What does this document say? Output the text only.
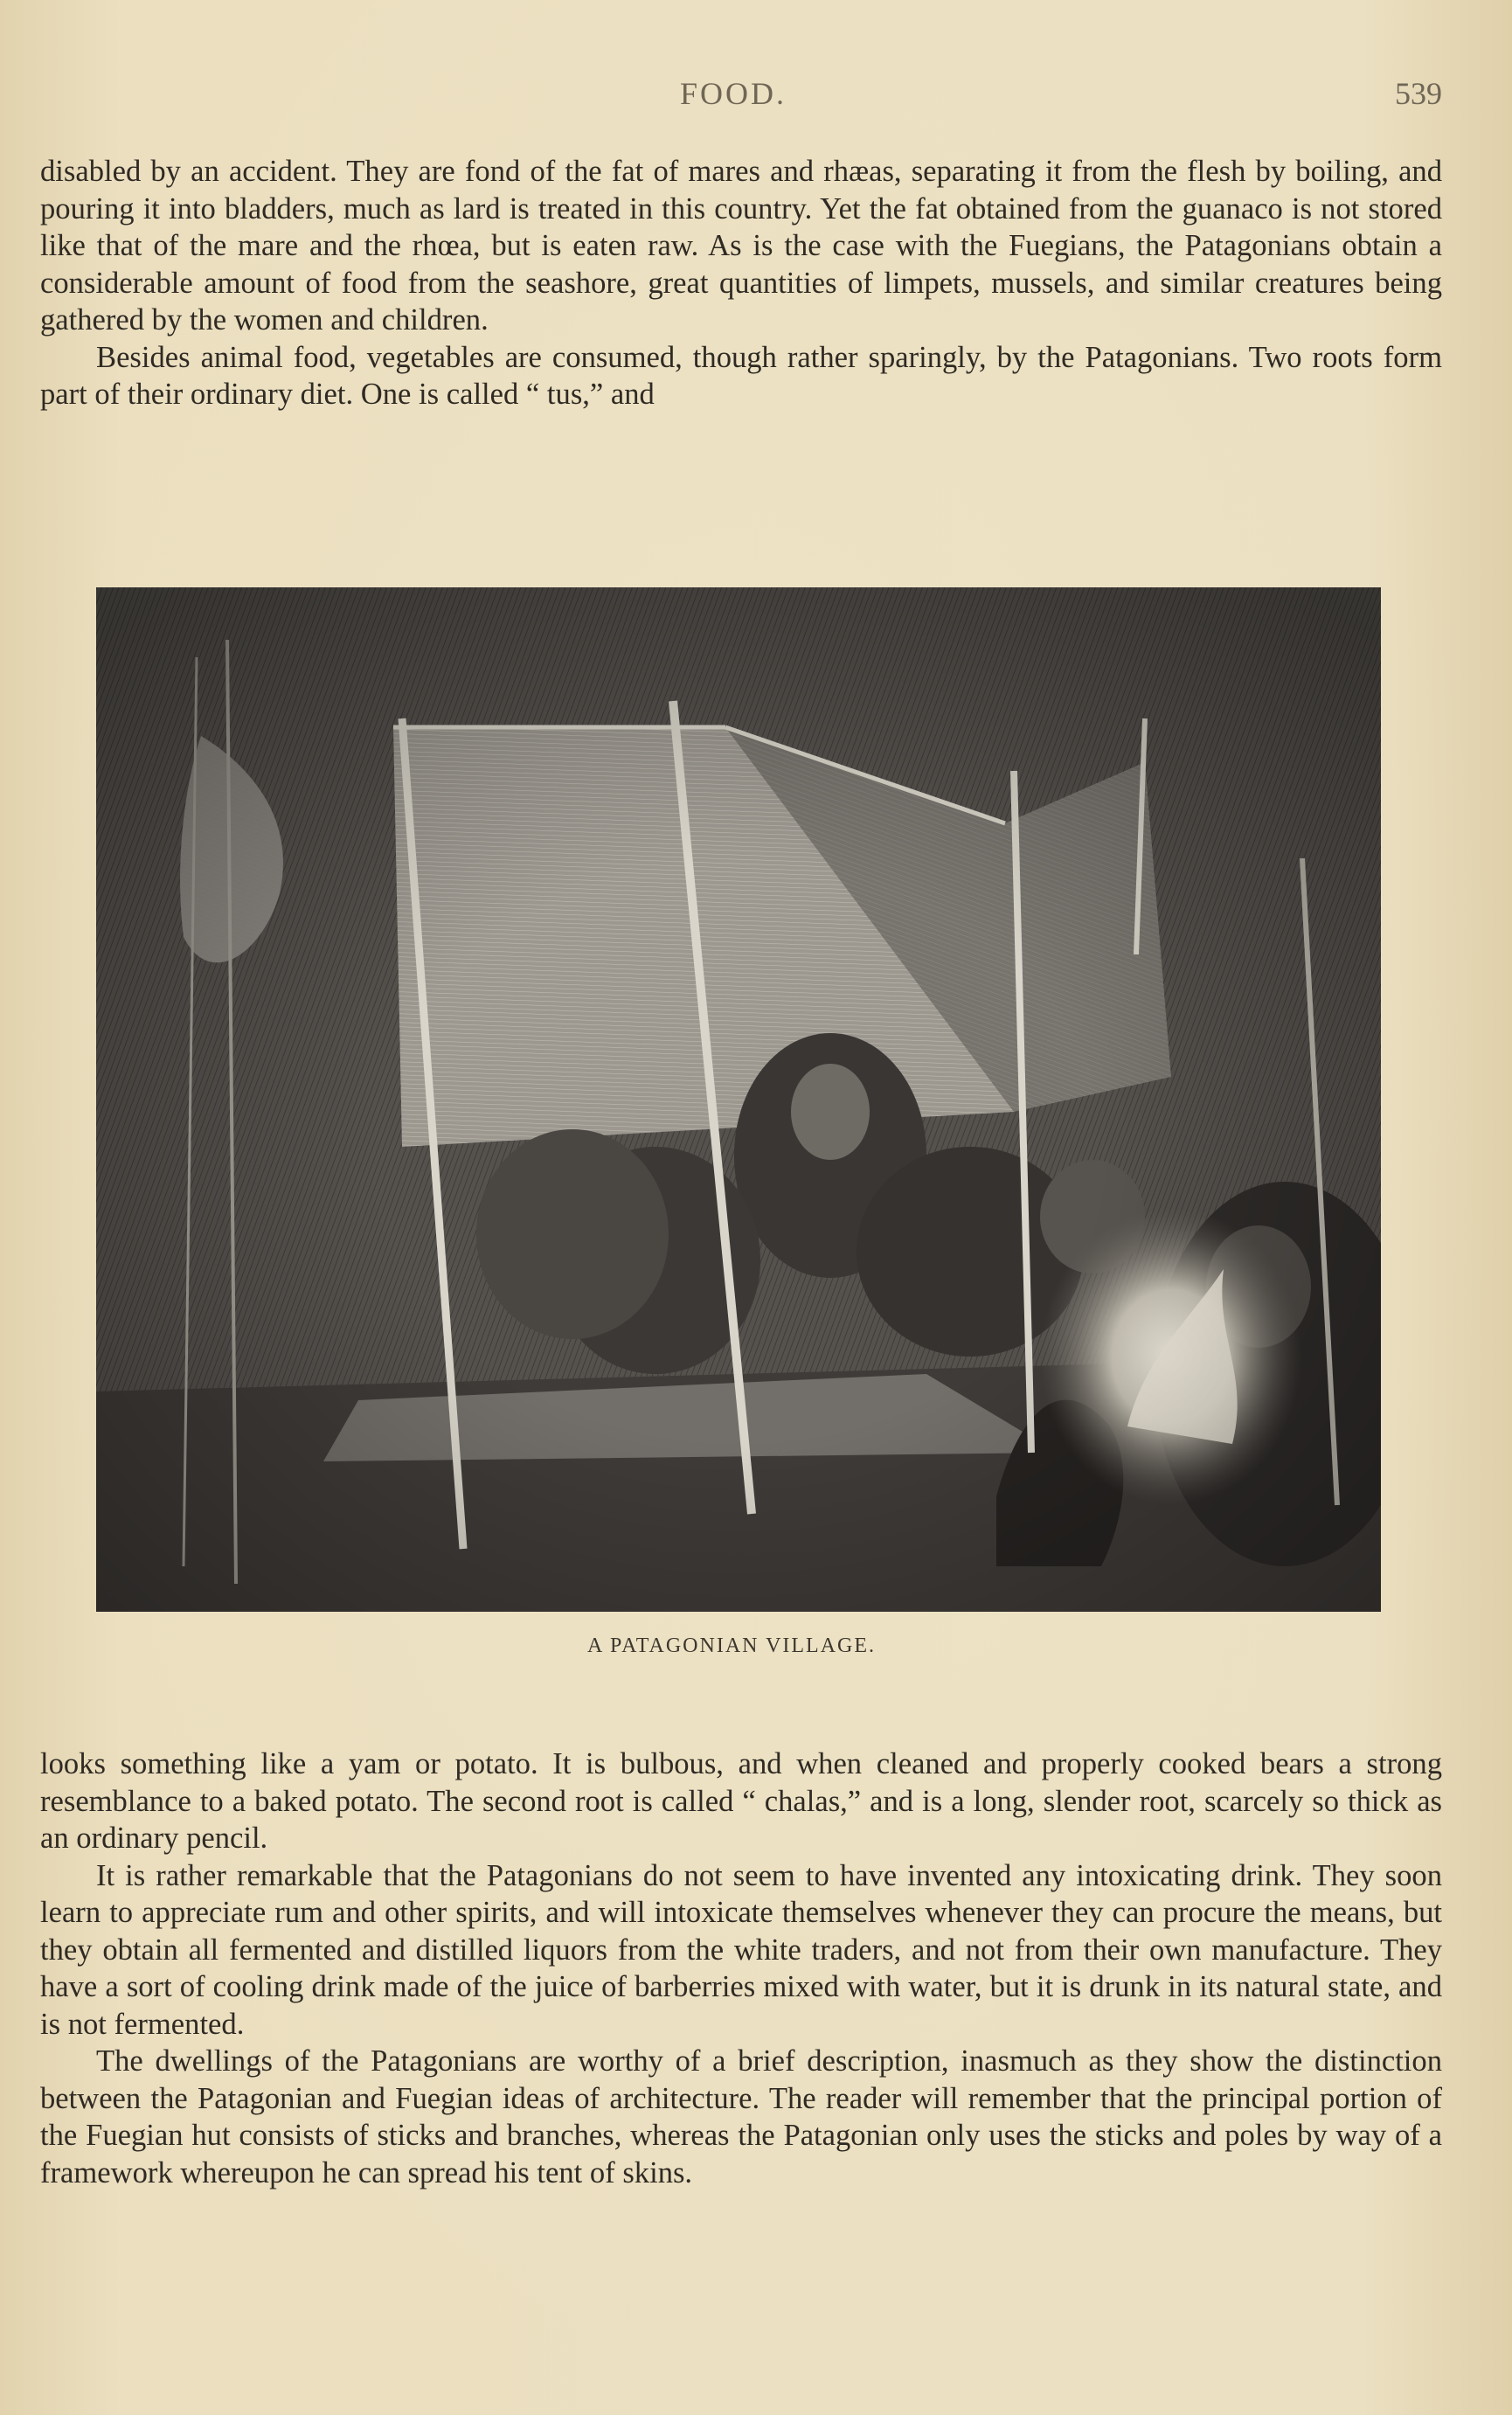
FOOD.	539

disabled by an accident. They are fond of the fat of mares and rhæas, separating it from the flesh by boiling, and pouring it into bladders, much as lard is treated in this country. Yet the fat obtained from the guanaco is not stored like that of the mare and the rhœa, but is eaten raw. As is the case with the Fuegians, the Patagonians obtain a considerable amount of food from the seashore, great quantities of limpets, mussels, and similar creatures being gathered by the women and children.

Besides animal food, vegetables are consumed, though rather sparingly, by the Patagonians. Two roots form part of their ordinary diet. One is called “ tus,” and

A PATAGONIAN VILLAGE.

looks something like a yam or potato. It is bulbous, and when cleaned and properly cooked bears a strong resemblance to a baked potato. The second root is called “ chalas,” and is a long, slender root, scarcely so thick as an ordinary pencil.

It is rather remarkable that the Patagonians do not seem to have invented any intoxicating drink. They soon learn to appreciate rum and other spirits, and will intoxicate themselves whenever they can procure the means, but they obtain all fermented and distilled liquors from the white traders, and not from their own manufacture. They have a sort of cooling drink made of the juice of barberries mixed with water, but it is drunk in its natural state, and is not fermented.

The dwellings of the Patagonians are worthy of a brief description, inasmuch as they show the distinction between the Patagonian and Fuegian ideas of architecture. The reader will remember that the principal portion of the Fuegian hut consists of sticks and branches, whereas the Patagonian only uses the sticks and poles by way of a framework whereupon he can spread his tent of skins.
